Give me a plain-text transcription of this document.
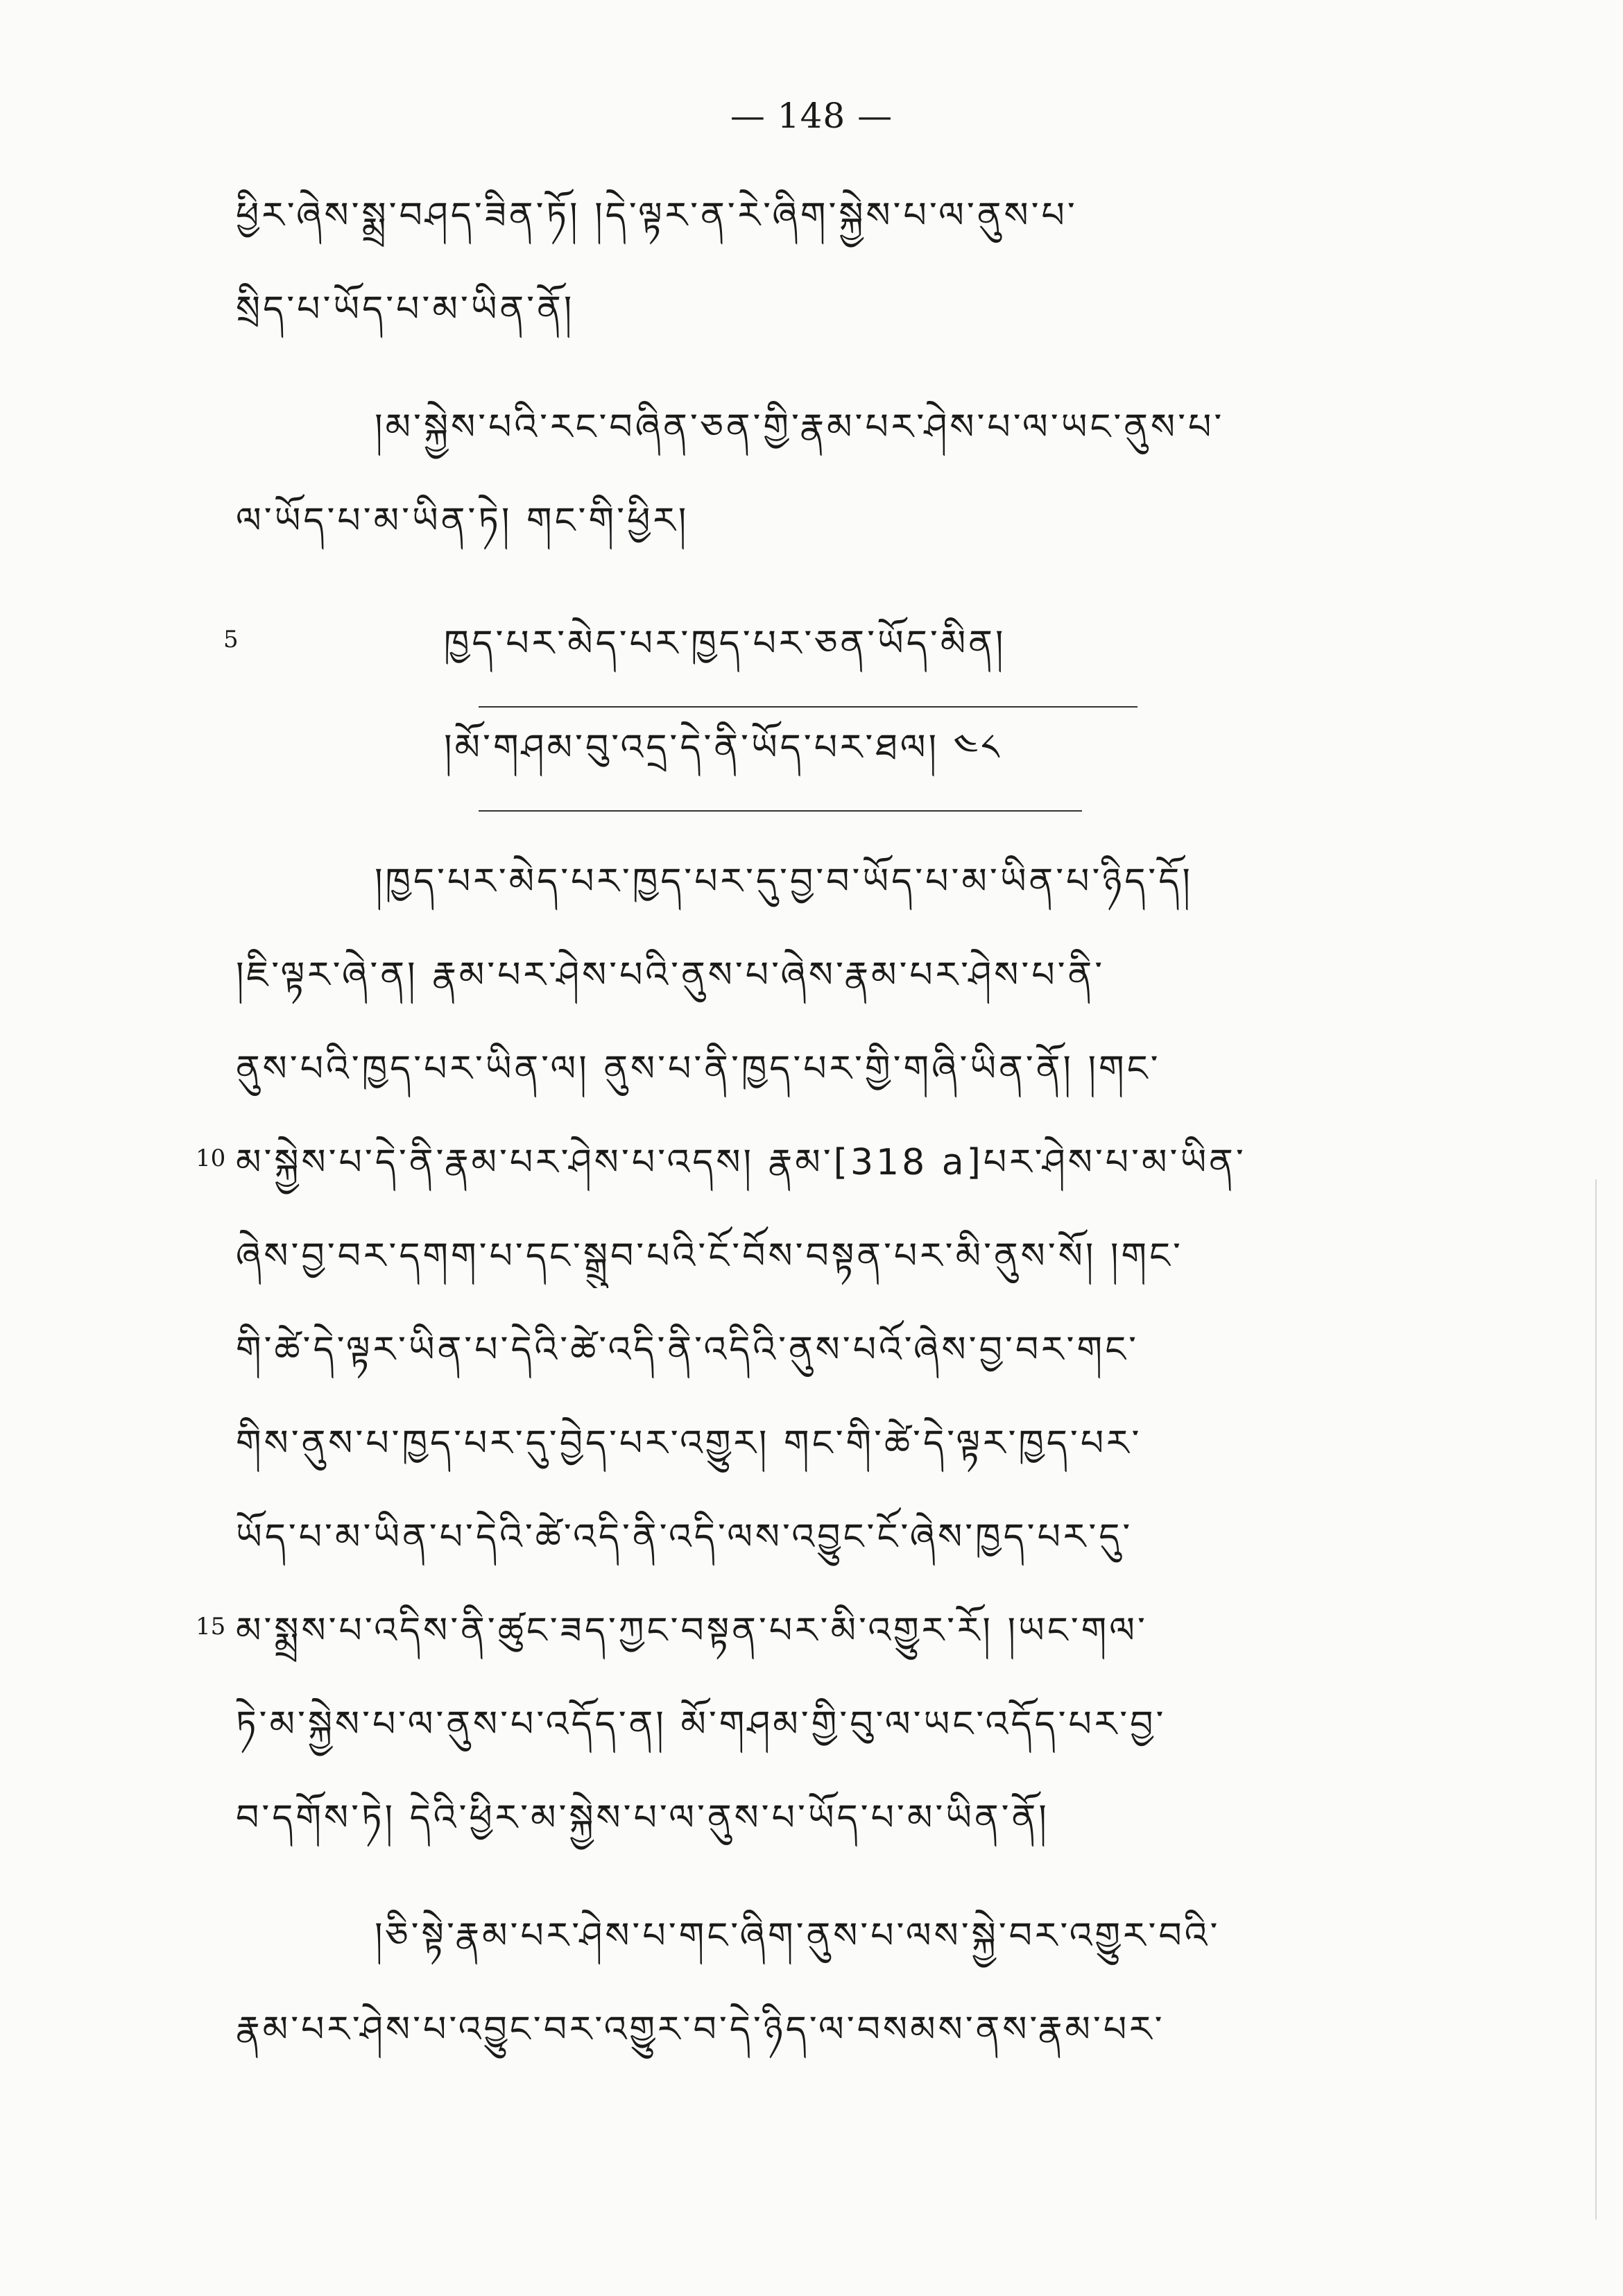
— 148 —
ཕྱིར་ཞེས་སྨྲ་བཤད་ཟིན་ཏོ། །དེ་ལྟར་ན་རེ་ཞིག་སྐྱེས་པ་ལ་ནུས་པ་
སྲིད་པ་ཡོད་པ་མ་ཡིན་ནོ།
།མ་སྐྱེས་པའི་རང་བཞིན་ཅན་གྱི་རྣམ་པར་ཤེས་པ་ལ་ཡང་ནུས་པ་
ལ་ཡོད་པ་མ་ཡིན་ཏེ། གང་གི་ཕྱིར།
5	ཁྱད་པར་མེད་པར་ཁྱད་པར་ཅན་ཡོད་མིན།
།མོ་གཤམ་བུ་འདྲ་དེ་ནི་ཡོད་པར་ཐལ། ༤༨
།ཁྱད་པར་མེད་པར་ཁྱད་པར་དུ་བྱ་བ་ཡོད་པ་མ་ཡིན་པ་ཉིད་དོ།
།ཇི་ལྟར་ཞེ་ན། རྣམ་པར་ཤེས་པའི་ནུས་པ་ཞེས་རྣམ་པར་ཤེས་པ་ནི་
ནུས་པའི་ཁྱད་པར་ཡིན་ལ། ནུས་པ་ནི་ཁྱད་པར་གྱི་གཞི་ཡིན་ནོ། །གང་
10 མ་སྐྱེས་པ་དེ་ནི་རྣམ་པར་ཤེས་པ་འདས། རྣམ་[318 a]པར་ཤེས་པ་མ་ཡིན་
ཞེས་བྱ་བར་དགག་པ་དང་སྒྲུབ་པའི་ངོ་བོས་བསྟན་པར་མི་ནུས་སོ། །གང་
གི་ཚེ་དེ་ལྟར་ཡིན་པ་དེའི་ཚེ་འདི་ནི་འདིའི་ནུས་པའོ་ཞེས་བྱ་བར་གང་
གིས་ནུས་པ་ཁྱད་པར་དུ་བྱེད་པར་འགྱུར། གང་གི་ཚེ་དེ་ལྟར་ཁྱད་པར་
ཡོད་པ་མ་ཡིན་པ་དེའི་ཚེ་འདི་ནི་འདི་ལས་འབྱུང་ངོ་ཞེས་ཁྱད་པར་དུ་
15 མ་སྨྲས་པ་འདིས་ནི་ཚུང་ཟད་ཀྱང་བསྟན་པར་མི་འགྱུར་རོ། །ཡང་གལ་
ཏེ་མ་སྐྱེས་པ་ལ་ནུས་པ་འདོད་ན། མོ་གཤམ་གྱི་བུ་ལ་ཡང་འདོད་པར་བྱ་
བ་དགོས་ཏེ། དེའི་ཕྱིར་མ་སྐྱེས་པ་ལ་ནུས་པ་ཡོད་པ་མ་ཡིན་ནོ།
།ཅི་སྟེ་རྣམ་པར་ཤེས་པ་གང་ཞིག་ནུས་པ་ལས་སྐྱེ་བར་འགྱུར་བའི་
རྣམ་པར་ཤེས་པ་འབྱུང་བར་འགྱུར་བ་དེ་ཉིད་ལ་བསམས་ནས་རྣམ་པར་
